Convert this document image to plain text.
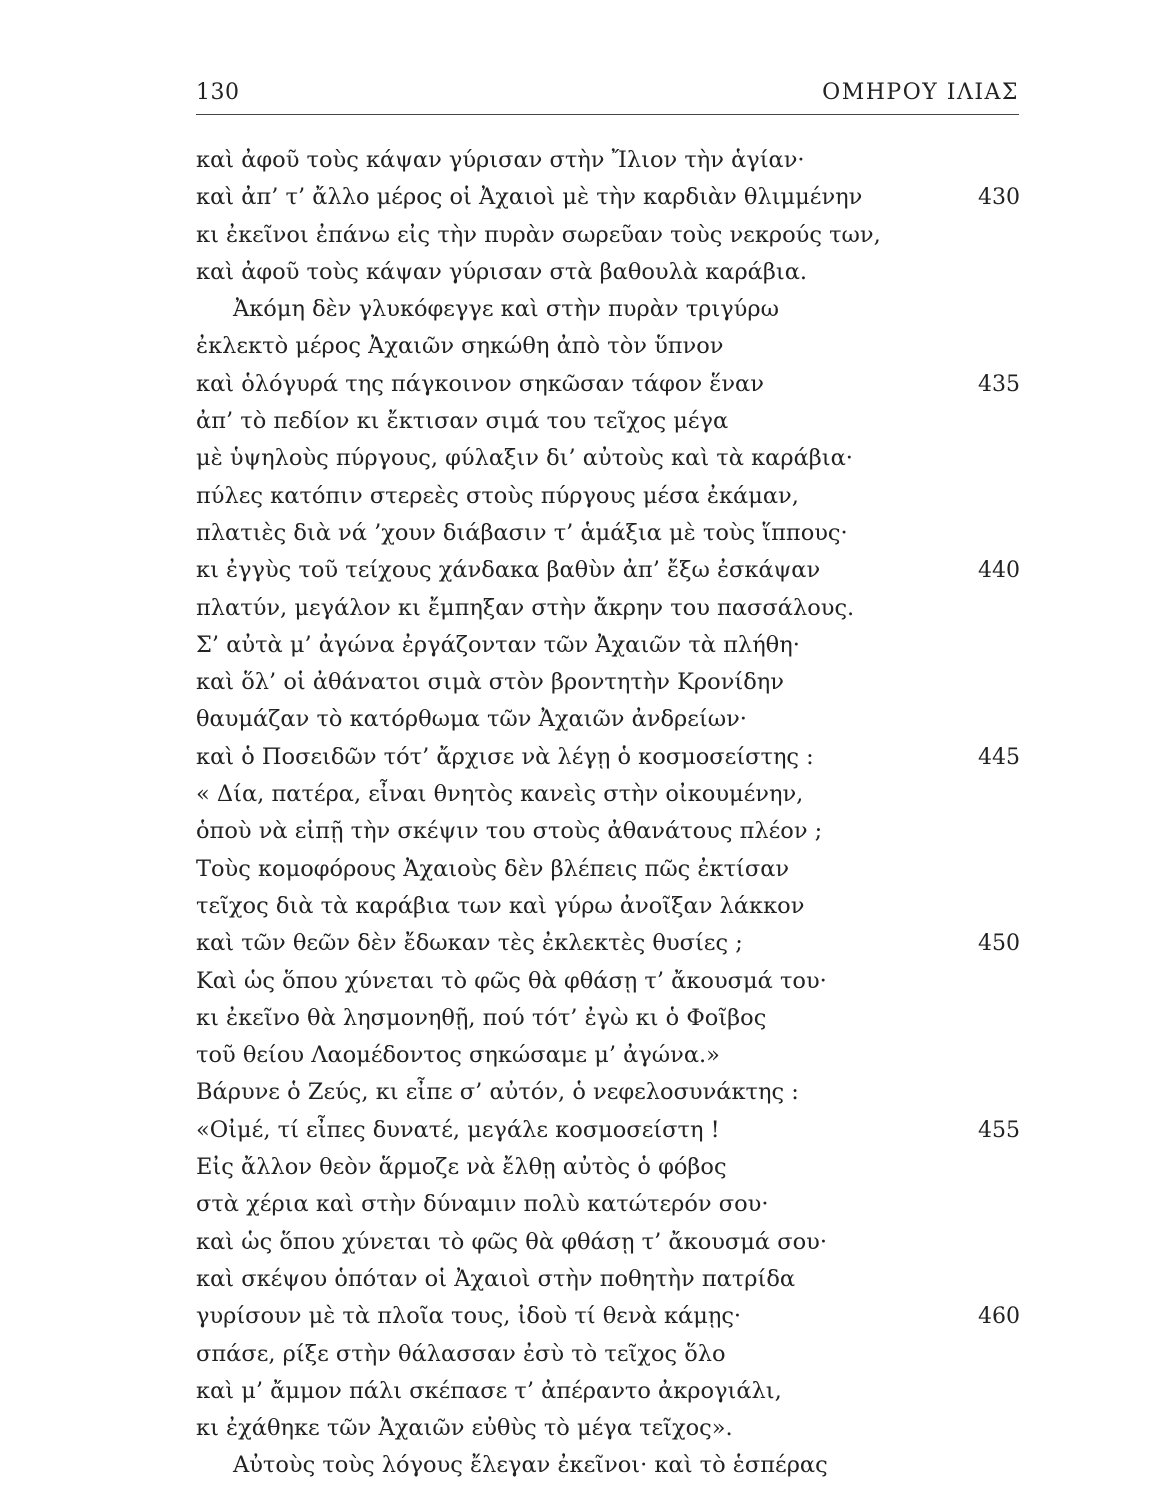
130	ΟΜΗΡΟΥ ΙΛΙΑΣ
καὶ ἀφοῦ τοὺς κάψαν γύρισαν στὴν Ἴλιον τὴν ἁγίαν·
καὶ ἀπ’ τ’ ἄλλο μέρος οἱ Ἀχαιοὶ μὲ τὴν καρδιὰν θλιμμένην	430
κι ἐκεῖνοι ἐπάνω εἰς τὴν πυρὰν σωρεῦαν τοὺς νεκρούς των,
καὶ ἀφοῦ τοὺς κάψαν γύρισαν στὰ βαθουλὰ καράβια.
Ἀκόμη δὲν γλυκόφεγγε καὶ στὴν πυρὰν τριγύρω
ἐκλεκτὸ μέρος Ἀχαιῶν σηκώθη ἀπὸ τὸν ὕπνον
καὶ ὁλόγυρά της πάγκοινον σηκῶσαν τάφον ἕναν	435
ἀπ’ τὸ πεδίον κι ἔκτισαν σιμά του τεῖχος μέγα
μὲ ὑψηλοὺς πύργους, φύλαξιν δι’ αὐτοὺς καὶ τὰ καράβια·
πύλες κατόπιν στερεὲς στοὺς πύργους μέσα ἐκάμαν,
πλατιὲς διὰ νά ’χουν διάβασιν τ’ ἁμάξια μὲ τοὺς ἵππους·
κι ἐγγὺς τοῦ τείχους χάνδακα βαθὺν ἀπ’ ἔξω ἐσκάψαν	440
πλατύν, μεγάλον κι ἔμπηξαν στὴν ἄκρην του πασσάλους.
Σ’ αὐτὰ μ’ ἀγώνα ἐργάζονταν τῶν Ἀχαιῶν τὰ πλήθη·
καὶ ὅλ’ οἱ ἀθάνατοι σιμὰ στὸν βροντητὴν Κρονίδην
θαυμάζαν τὸ κατόρθωμα τῶν Ἀχαιῶν ἀνδρείων·
καὶ ὁ Ποσειδῶν τότ’ ἄρχισε νὰ λέγῃ ὁ κοσμοσείστης :	445
« Δία, πατέρα, εἶναι θνητὸς κανεὶς στὴν οἰκουμένην,
ὁποὺ νὰ εἰπῇ τὴν σκέψιν του στοὺς ἀθανάτους πλέον ;
Τοὺς κομοφόρους Ἀχαιοὺς δὲν βλέπεις πῶς ἐκτίσαν
τεῖχος διὰ τὰ καράβια των καὶ γύρω ἀνοῖξαν λάκκον
καὶ τῶν θεῶν δὲν ἔδωκαν τὲς ἐκλεκτὲς θυσίες ;	450
Καὶ ὡς ὅπου χύνεται τὸ φῶς θὰ φθάσῃ τ’ ἄκουσμά του·
κι ἐκεῖνο θὰ λησμονηθῇ, πού τότ’ ἐγὼ κι ὁ Φοῖβος
τοῦ θείου Λαομέδοντος σηκώσαμε μ’ ἀγώνα.»
Βάρυνε ὁ Ζεύς, κι εἶπε σ’ αὐτόν, ὁ νεφελοσυνάκτης :
«Οἰμέ, τί εἶπες δυνατέ, μεγάλε κοσμοσείστη !	455
Εἰς ἄλλον θεὸν ἅρμοζε νὰ ἔλθῃ αὐτὸς ὁ φόβος
στὰ χέρια καὶ στὴν δύναμιν πολὺ κατώτερόν σου·
καὶ ὡς ὅπου χύνεται τὸ φῶς θὰ φθάσῃ τ’ ἄκουσμά σου·
καὶ σκέψου ὁπόταν οἱ Ἀχαιοὶ στὴν ποθητὴν πατρίδα
γυρίσουν μὲ τὰ πλοῖα τους, ἰδοὺ τί θενὰ κάμῃς·	460
σπάσε, ρίξε στὴν θάλασσαν ἐσὺ τὸ τεῖχος ὅλο
καὶ μ’ ἄμμον πάλι σκέπασε τ’ ἀπέραντο ἀκρογιάλι,
κι ἐχάθηκε τῶν Ἀχαιῶν εὐθὺς τὸ μέγα τεῖχος».
Αὐτοὺς τοὺς λόγους ἔλεγαν ἐκεῖνοι· καὶ τὸ ἑσπέρας
